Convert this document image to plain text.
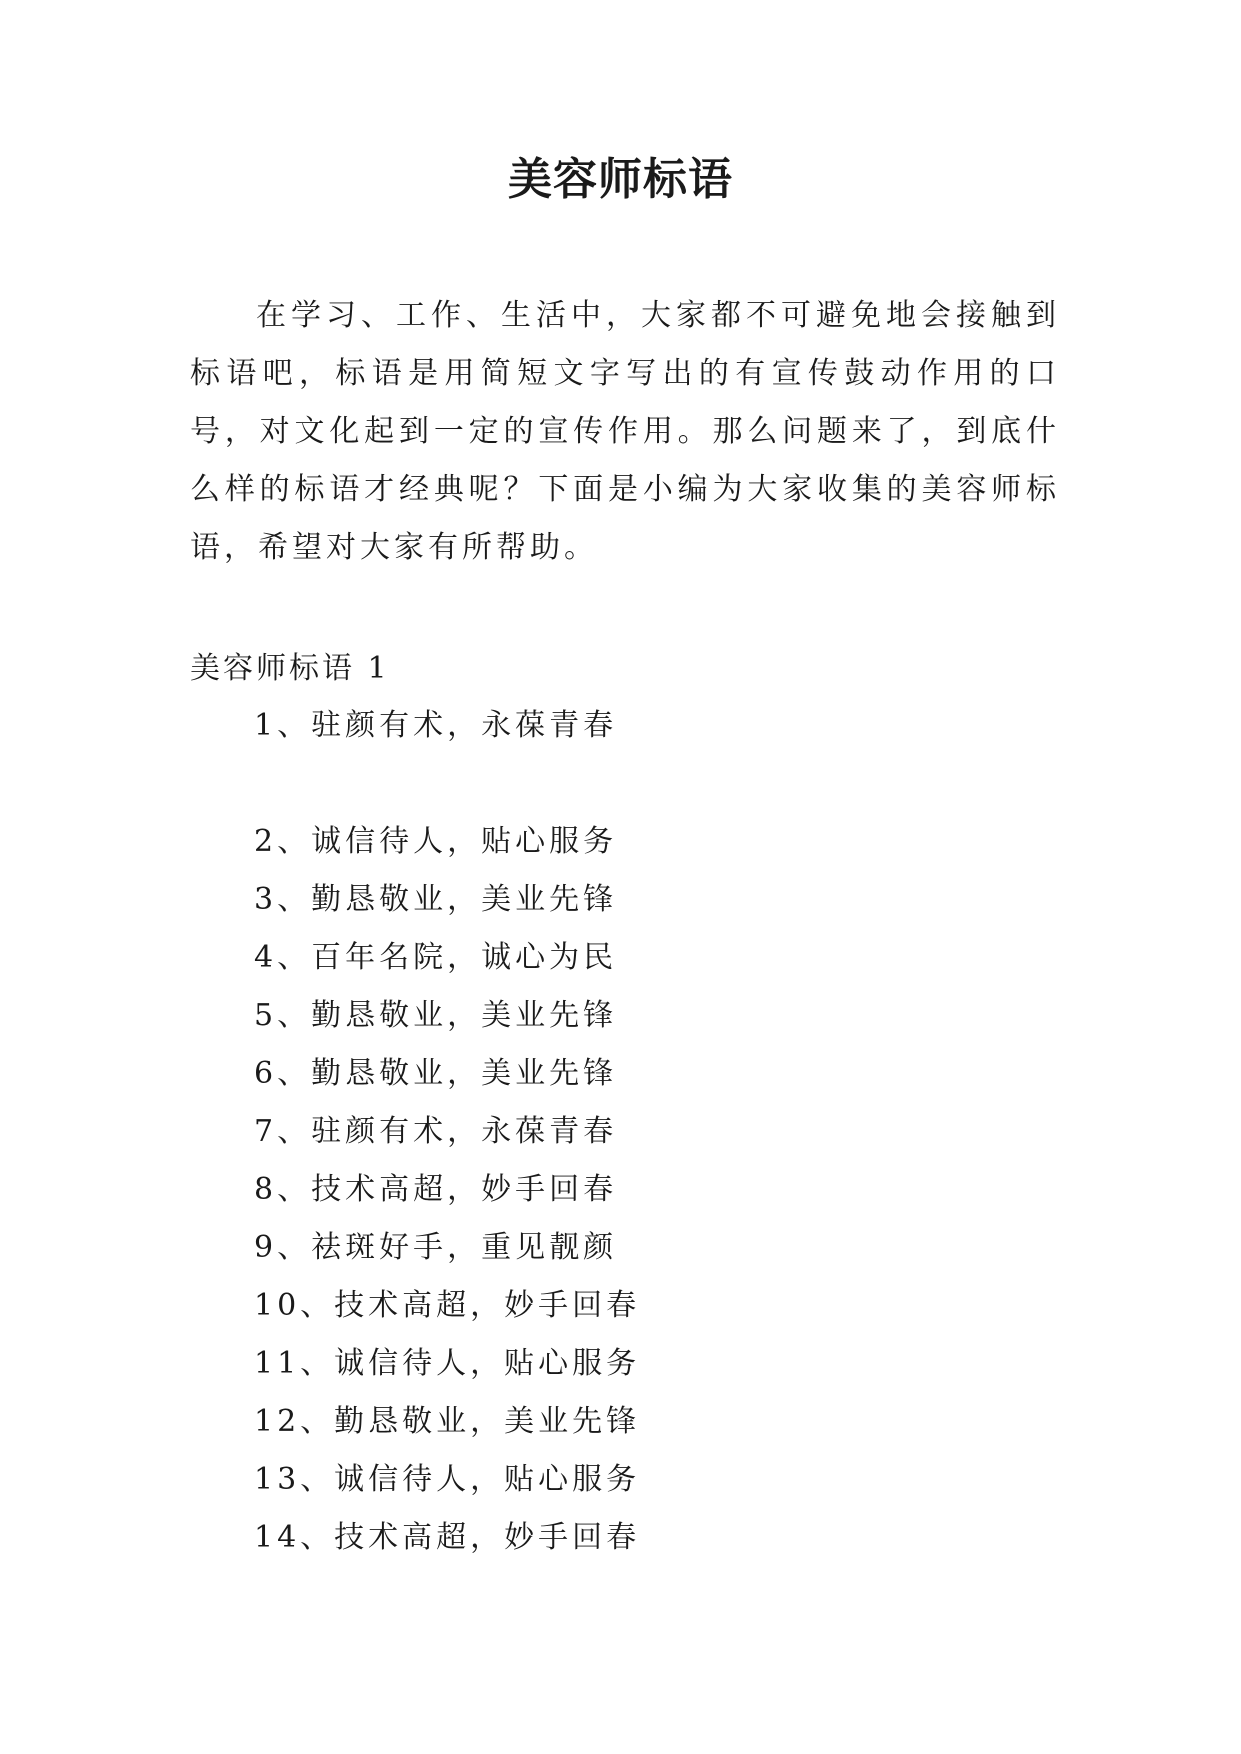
美容师标语

在学习、工作、生活中，大家都不可避免地会接触到标语吧，标语是用简短文字写出的有宣传鼓动作用的口号，对文化起到一定的宣传作用。那么问题来了，到底什么样的标语才经典呢？下面是小编为大家收集的美容师标语，希望对大家有所帮助。

美容师标语 1

1、驻颜有术，永葆青春
2、诚信待人，贴心服务
3、勤恳敬业，美业先锋
4、百年名院，诚心为民
5、勤恳敬业，美业先锋
6、勤恳敬业，美业先锋
7、驻颜有术，永葆青春
8、技术高超，妙手回春
9、祛斑好手，重见靓颜
10、技术高超，妙手回春
11、诚信待人，贴心服务
12、勤恳敬业，美业先锋
13、诚信待人，贴心服务
14、技术高超，妙手回春
